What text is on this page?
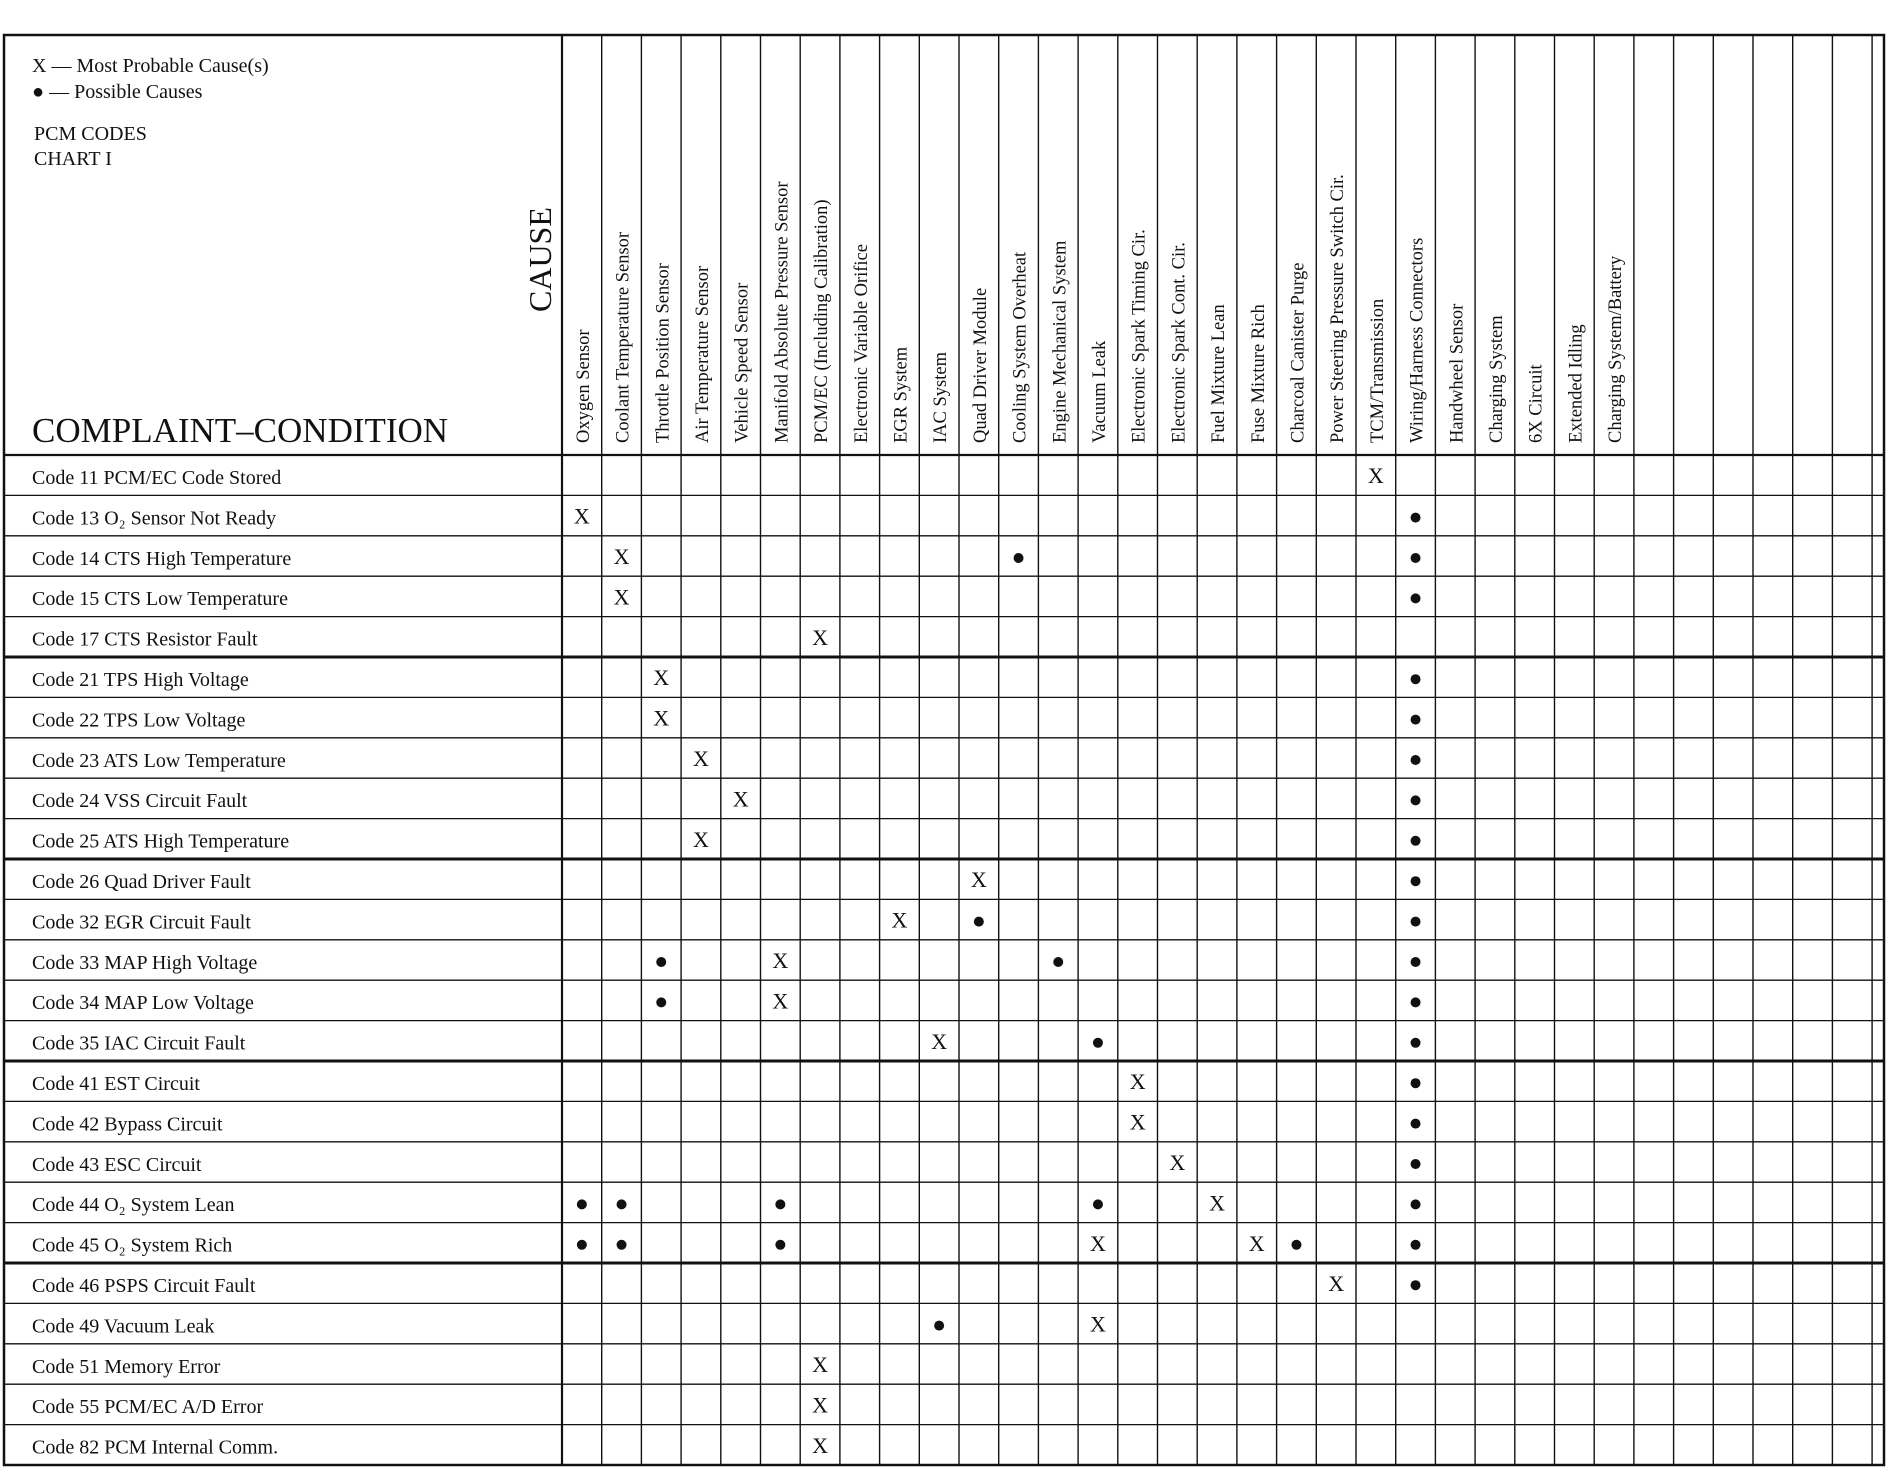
X — Most Probable Cause(s)
● — Possible Causes
PCM CODES
CHART I
CAUSE
COMPLAINT–CONDITION	Oxygen Sensor Coolant Temperature Sensor Throttle Position Sensor Air Temperature Sensor Vehicle Speed Sensor Manifold Absolute Pressure Sensor PCM/EC (Including Calibration) Electronic Variable Orifice EGR System IAC System Quad Driver Module Cooling System Overheat Engine Mechanical System Vacuum Leak Electronic Spark Timing Cir. Electronic Spark Cont. Cir. Fuel Mixture Lean Fuse Mixture Rich Charcoal Canister Purge Power Steering Pressure Switch Cir. TCM/Transmission Wiring/Harness Connectors Handwheel Sensor Charging System 6X Circuit Extended Idling Charging System/Battery
Code 11 PCM/EC Code Stored
Code 13 O₂ Sensor Not Ready
Code 14 CTS High Temperature
Code 15 CTS Low Temperature
Code 17 CTS Resistor Fault
Code 21 TPS High Voltage
Code 22 TPS Low Voltage
Code 23 ATS Low Temperature
Code 24 VSS Circuit Fault
Code 25 ATS High Temperature
Code 26 Quad Driver Fault
Code 32 EGR Circuit Fault
Code 33 MAP High Voltage
Code 34 MAP Low Voltage
Code 35 IAC Circuit Fault
Code 41 EST Circuit
Code 42 Bypass Circuit
Code 43 ESC Circuit
Code 44 O₂ System Lean
Code 45 O₂ System Rich
Code 46 PSPS Circuit Fault
Code 49 Vacuum Leak
Code 51 Memory Error
Code 55 PCM/EC A/D Error
Code 82 PCM Internal Comm.
X
X
X
X
X
X
X
X
X
X
X
X
X
X
X
X
X
X
X
X	X
X
X
X
X
X
